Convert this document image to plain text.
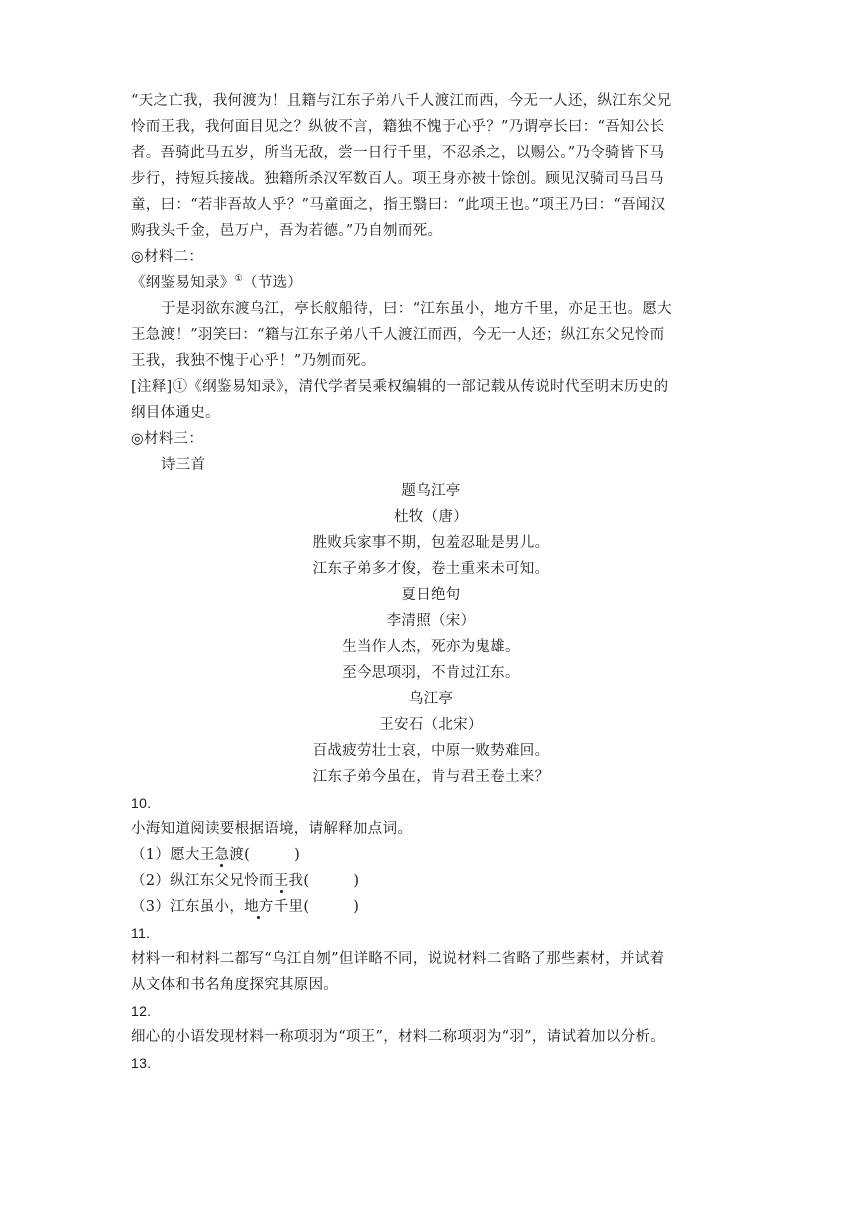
“天之亡我，我何渡为！且籍与江东子弟八千人渡江而西，今无一人还，纵江东父兄
怜而王我，我何面目见之？纵彼不言，籍独不愧于心乎？”乃谓亭长曰：“吾知公长
者。吾骑此马五岁，所当无敌，尝一日行千里，不忍杀之，以赐公。”乃令骑皆下马
步行，持短兵接战。独籍所杀汉军数百人。项王身亦被十馀创。顾见汉骑司马吕马
童，曰：“若非吾故人乎？”马童面之，指王翳曰：“此项王也。”项王乃曰：“吾闻汉
购我头千金，邑万户，吾为若德。”乃自刎而死。
◎材料二：
《纲鉴易知录》①（节选）
于是羽欲东渡乌江，亭长舣船待，曰：“江东虽小，地方千里，亦足王也。愿大
王急渡！”羽笑曰：“籍与江东子弟八千人渡江而西，今无一人还；纵江东父兄怜而
王我，我独不愧于心乎！”乃刎而死。
[注释]①《纲鉴易知录》，清代学者吴乘权编辑的一部记载从传说时代至明末历史的
纲目体通史。
◎材料三：
诗三首
题乌江亭
杜牧（唐）
胜败兵家事不期，包羞忍耻是男儿。
江东子弟多才俊，卷土重来未可知。
夏日绝句
李清照（宋）
生当作人杰，死亦为鬼雄。
至今思项羽，不肯过江东。
乌江亭
王安石（北宋）
百战疲劳壮士哀，中原一败势难回。
江东子弟今虽在，肯与君王卷土来？
10.
小海知道阅读要根据语境，请解释加点词。
（1）愿大王急渡(	)
（2）纵江东父兄怜而王我(	)
（3）江东虽小，地方千里(	)
11.
材料一和材料二都写“乌江自刎”但详略不同，说说材料二省略了那些素材，并试着
从文体和书名角度探究其原因。
12.
细心的小语发现材料一称项羽为“项王”，材料二称项羽为“羽”，请试着加以分析。
13.
